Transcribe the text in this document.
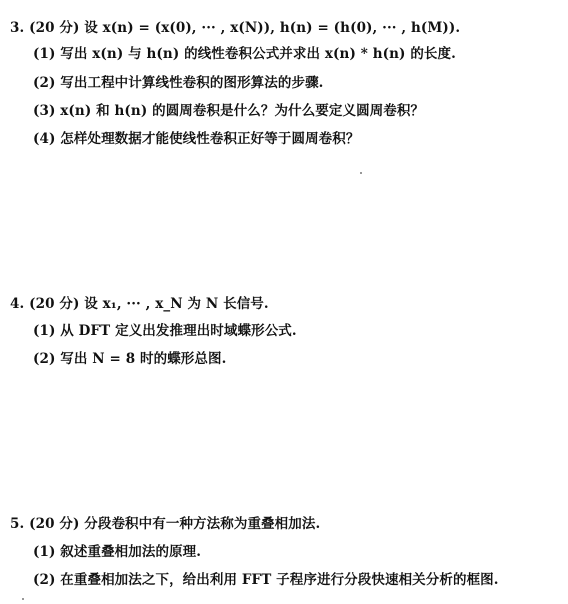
3. (20 分) 设 x(n) = (x(0), ··· , x(N)), h(n) = (h(0), ··· , h(M)).
(1) 写出 x(n) 与 h(n) 的线性卷积公式并求出 x(n) * h(n) 的长度.
(2) 写出工程中计算线性卷积的图形算法的步骤.
(3) x(n) 和 h(n) 的圆周卷积是什么？为什么要定义圆周卷积？
(4) 怎样处理数据才能使线性卷积正好等于圆周卷积？
4. (20 分) 设 x₁, ··· , x_N 为 N 长信号.
(1) 从 DFT 定义出发推理出时域蝶形公式.
(2) 写出 N = 8 时的蝶形总图.
5. (20 分) 分段卷积中有一种方法称为重叠相加法.
(1) 叙述重叠相加法的原理.
(2) 在重叠相加法之下，给出利用 FFT 子程序进行分段快速相关分析的框图.
